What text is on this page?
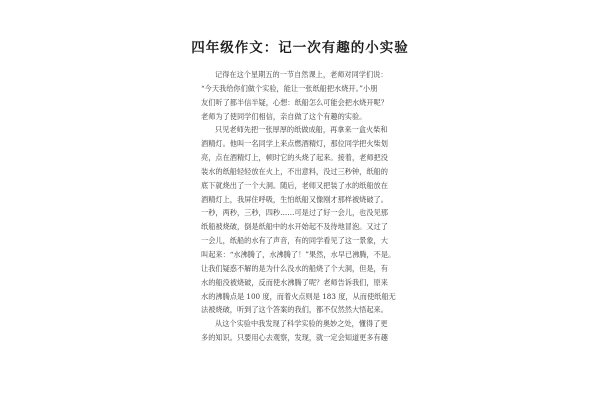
四年级作文：记一次有趣的小实验
记得在这个星期五的一节自然课上，老师对同学们说：
“今天我给你们做个实验，能让一张纸船把水烧开。”小朋
友们听了都半信半疑，心想：纸船怎么可能会把水烧开呢？
老师为了使同学们相信，亲自做了这个有趣的实验。
只见老师先把一张厚厚的纸做成船，再拿来一盒火柴和
酒精灯。他叫一名同学上来点燃酒精灯，那位同学把火柴划
亮，点在酒精灯上，顿时它的头烧了起来。接着，老师把没
装水的纸船轻轻放在火上，不出意料，没过三秒钟，纸船的
底下就烧出了一个大洞。随后，老师又把装了水的纸船放在
酒精灯上，我屏住呼吸，生怕纸船又像刚才那样被烧破了。
一秒，两秒，三秒，四秒……可是过了好一会儿，也没见那
纸船被烧破，倒是纸船中的水开始起不及待地冒泡。又过了
一会儿，纸船的水有了声音，有的同学看见了这一景象，大
叫起来：“水沸腾了，水沸腾了！”果然，水早已沸腾，不是。
让我们疑惑不解的是为什么没水的船烧了个大洞，但是，有
水的船没被烧破，反而使水沸腾了呢？老师告诉我们，原来
水的沸腾点是 100 度，而着火点则是 183 度，从而使纸船无
法被烧破，听到了这个答案的我们，都不仅然然大悟起来。
从这个实验中我发现了科学实验的奥妙之处，懂得了更
多的知识。只要用心去观察，发现，就一定会知道更多有趣
